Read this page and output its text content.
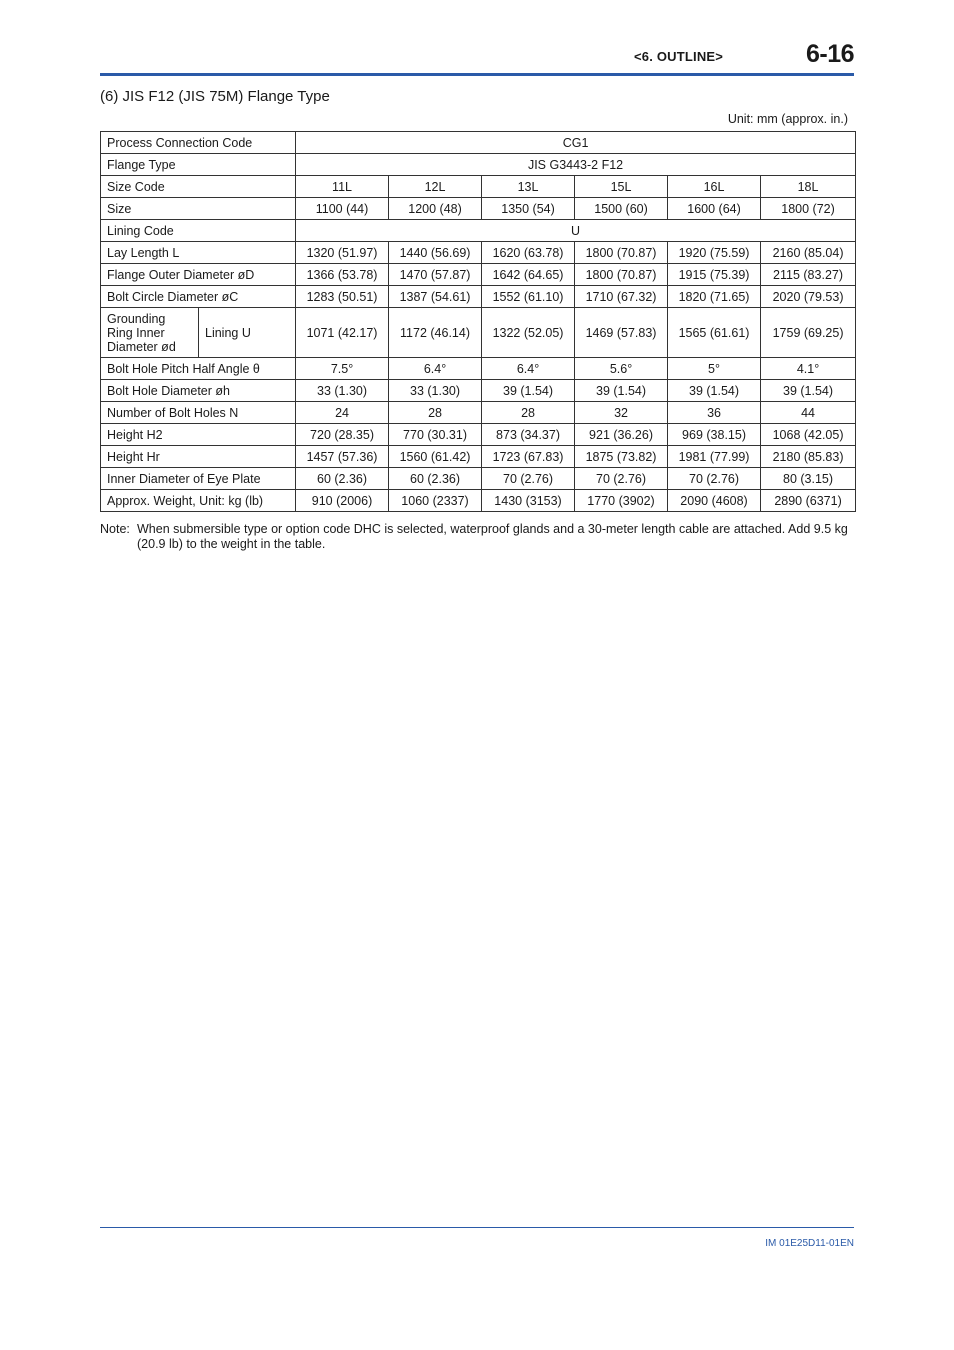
<6. OUTLINE>	6-16
(6) JIS F12 (JIS 75M) Flange Type
Unit: mm (approx. in.)
Process Connection Code		CG1					
Flange Type		JIS G3443-2 F12					
Size Code		11L	12L	13L	15L	16L	18L
Size		1100 (44)	1200 (48)	1350 (54)	1500 (60)	1600 (64)	1800 (72)
Lining Code		U					
Lay Length L		1320 (51.97)	1440 (56.69)	1620 (63.78)	1800 (70.87)	1920 (75.59)	2160 (85.04)
Flange Outer Diameter øD		1366 (53.78)	1470 (57.87)	1642 (64.65)	1800 (70.87)	1915 (75.39)	2115 (83.27)
Bolt Circle Diameter øC		1283 (50.51)	1387 (54.61)	1552 (61.10)	1710 (67.32)	1820 (71.65)	2020 (79.53)
Grounding Ring Inner Diameter ød	Lining U	1071 (42.17)	1172 (46.14)	1322 (52.05)	1469 (57.83)	1565 (61.61)	1759 (69.25)
Bolt Hole Pitch Half Angle θ		7.5°	6.4°	6.4°	5.6°	5°	4.1°
Bolt Hole Diameter øh		33 (1.30)	33 (1.30)	39 (1.54)	39 (1.54)	39 (1.54)	39 (1.54)
Number of Bolt Holes N		24	28	28	32	36	44
Height H2		720 (28.35)	770 (30.31)	873 (34.37)	921 (36.26)	969 (38.15)	1068 (42.05)
Height Hr		1457 (57.36)	1560 (61.42)	1723 (67.83)	1875 (73.82)	1981 (77.99)	2180 (85.83)
Inner Diameter of Eye Plate		60 (2.36)	60 (2.36)	70 (2.76)	70 (2.76)	70 (2.76)	80 (3.15)
Approx. Weight, Unit: kg (lb)		910 (2006)	1060 (2337)	1430 (3153)	1770 (3902)	2090 (4608)	2890 (6371)
Note: When submersible type or option code DHC is selected, waterproof glands and a 30-meter length cable are attached. Add 9.5 kg (20.9 lb) to the weight in the table.
IM 01E25D11-01EN
